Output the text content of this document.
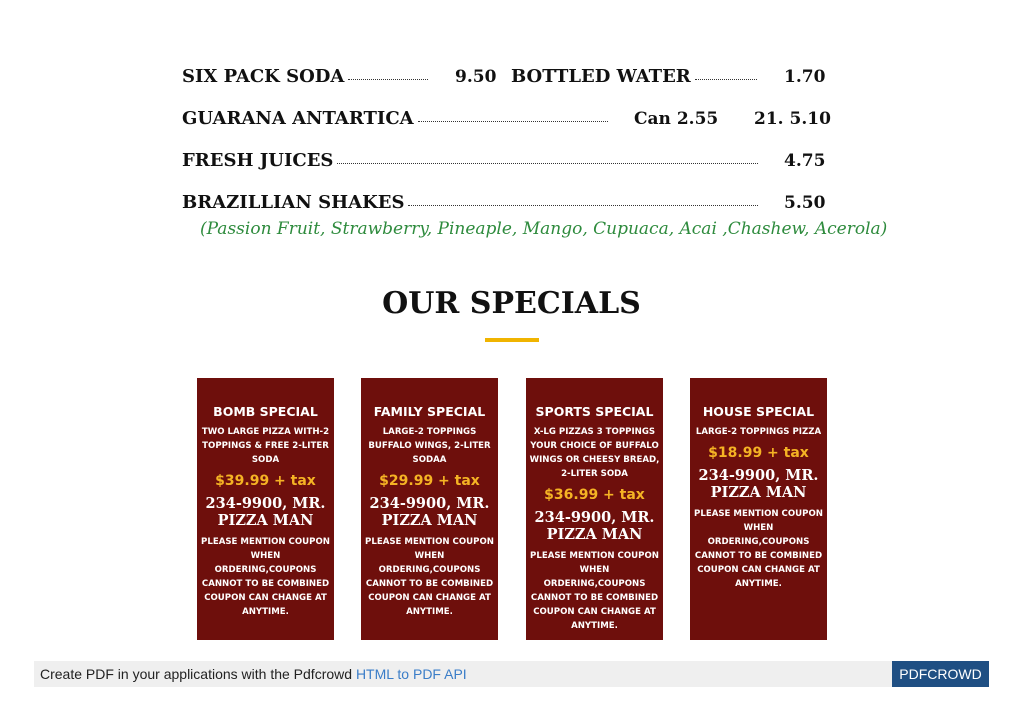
SIX PACK SODA	9.50 BOTTLED WATER	1.70
GUARANA ANTARTICA	Can 2.55 21. 5.10
FRESH JUICES	4.75
BRAZILLIAN SHAKES	5.50
(Passion Fruit, Strawberry, Pineaple, Mango, Cupuaca, Acai ,Chashew, Acerola)
OUR SPECIALS
BOMB SPECIAL
TWO LARGE PIZZA WITH-2 TOPPINGS & FREE 2-LITER SODA
$39.99 + tax
234-9900, MR. PIZZA MAN
PLEASE MENTION COUPON WHEN ORDERING,COUPONS CANNOT TO BE COMBINED COUPON CAN CHANGE AT ANYTIME.
FAMILY SPECIAL
LARGE-2 TOPPINGS BUFFALO WINGS, 2-LITER SODAA
$29.99 + tax
234-9900, MR. PIZZA MAN
PLEASE MENTION COUPON WHEN ORDERING,COUPONS CANNOT TO BE COMBINED COUPON CAN CHANGE AT ANYTIME.
SPORTS SPECIAL
X-LG PIZZAS 3 TOPPINGS YOUR CHOICE OF BUFFALO WINGS OR CHEESY BREAD, 2-LITER SODA
$36.99 + tax
234-9900, MR. PIZZA MAN
PLEASE MENTION COUPON WHEN ORDERING,COUPONS CANNOT TO BE COMBINED COUPON CAN CHANGE AT ANYTIME.
HOUSE SPECIAL
LARGE-2 TOPPINGS PIZZA
$18.99 + tax
234-9900, MR. PIZZA MAN
PLEASE MENTION COUPON WHEN ORDERING,COUPONS CANNOT TO BE COMBINED COUPON CAN CHANGE AT ANYTIME.
Create PDF in your applications with the Pdfcrowd HTML to PDF API	PDFCROWD
